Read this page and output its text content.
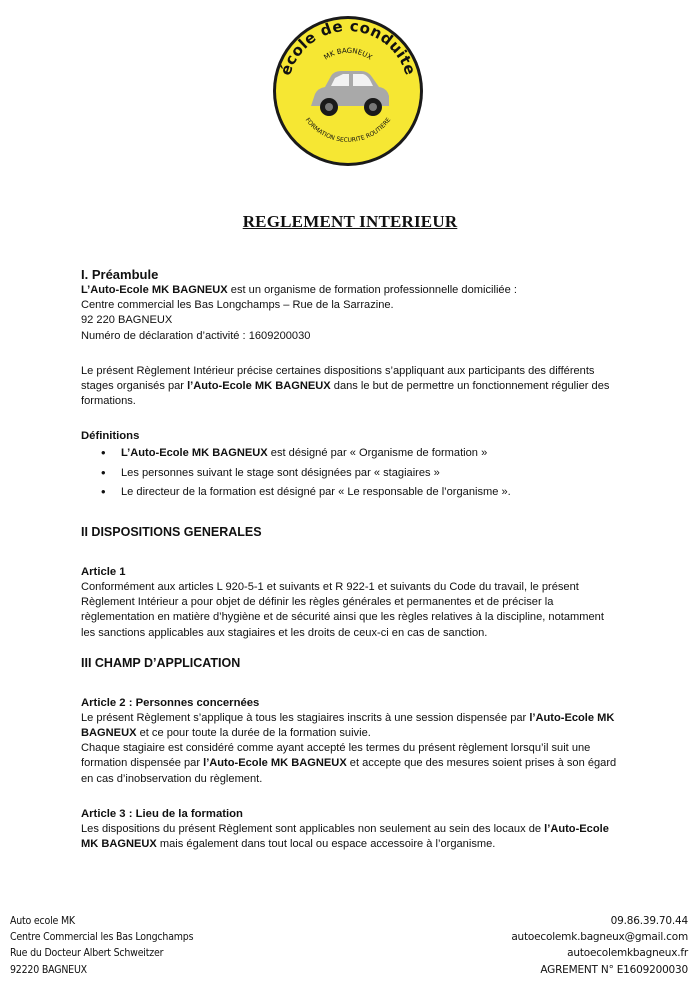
école de conduite
MK BAGNEUX
FORMATION SECURITE ROUTIERE
REGLEMENT INTERIEUR
I. Préambule

L’Auto-Ecole MK BAGNEUX est un organisme de formation professionnelle domiciliée :

Centre commercial les Bas Longchamps – Rue de la Sarrazine.

92 220 BAGNEUX

Numéro de déclaration d’activité : 1609200030

Le présent Règlement Intérieur précise certaines dispositions s’appliquant aux participants des différents stages organisés par l’Auto-Ecole MK BAGNEUX dans le but de permettre un fonctionnement régulier des formations.

Définitions
• L’Auto-Ecole MK BAGNEUX est désigné par « Organisme de formation »
• Les personnes suivant le stage sont désignées par « stagiaires »
• Le directeur de la formation est désigné par « Le responsable de l’organisme ».
II DISPOSITIONS GENERALES
Article 1

Conformément aux articles L 920-5-1 et suivants et R 922-1 et suivants du Code du travail, le présent Règlement Intérieur a pour objet de définir les règles générales et permanentes et de préciser la règlementation en matière d’hygiène et de sécurité ainsi que les règles relatives à la discipline, notamment les sanctions applicables aux stagiaires et les droits de ceux-ci en cas de sanction.

III CHAMP D’APPLICATION
Article 2 : Personnes concernées

Le présent Règlement s’applique à tous les stagiaires inscrits à une session dispensée par l’Auto-Ecole MK BAGNEUX et ce pour toute la durée de la formation suivie.

Chaque stagiaire est considéré comme ayant accepté les termes du présent règlement lorsqu’il suit une formation dispensée par l’Auto-Ecole MK BAGNEUX et accepte que des mesures soient prises à son égard en cas d’inobservation du règlement.

Article 3 : Lieu de la formation

Les dispositions du présent Règlement sont applicables non seulement au sein des locaux de l’Auto-Ecole MK BAGNEUX mais également dans tout local ou espace accessoire à l’organisme.

Auto ecole MK
Centre Commercial les Bas Longchamps
Rue du Docteur Albert Schweitzer
92220 BAGNEUX
09.86.39.70.44
autoecolemk.bagneux@gmail.com
autoecolemkbagneux.fr
AGREMENT N° E1609200030
